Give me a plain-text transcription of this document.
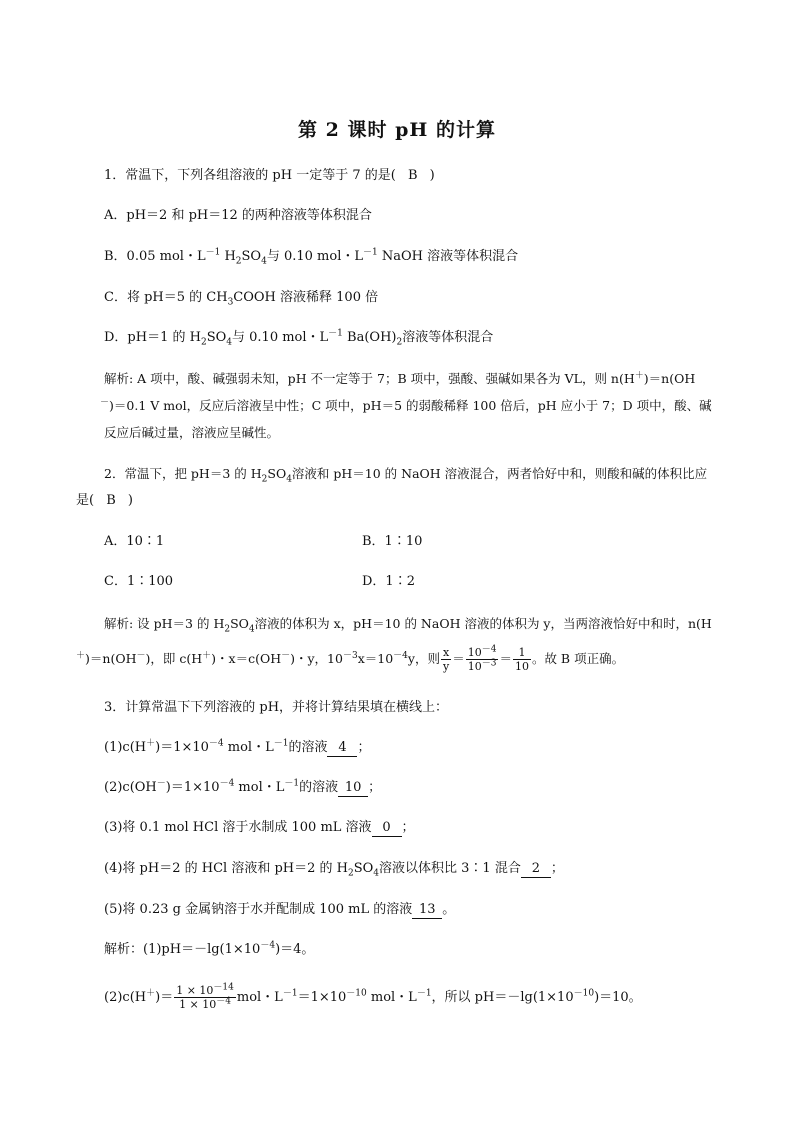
第 2 课时 pH 的计算
1．常温下，下列各组溶液的 pH 一定等于 7 的是( B )
A．pH＝2 和 pH＝12 的两种溶液等体积混合
B．0.05 mol・$L^{-1}$ $H_2SO_4$与 0.10 mol・$L^{-1}$ NaOH 溶液等体积混合
C．将 pH＝5 的 $CH_3COOH$ 溶液稀释 100 倍
D．pH＝1 的 $H_2SO_4$与 0.10 mol・$L^{-1}$ $Ba(OH)_2$溶液等体积混合
解析: A 项中，酸、碱强弱未知，pH 不一定等于 7；B 项中，强酸、强碱如果各为 VL，则 n(H＋)＝n(OH
－)＝0.1 V mol，反应后溶液呈中性；C 项中，pH＝5 的弱酸稀释 100 倍后，pH 应小于 7；D 项中，酸、碱
反应后碱过量，溶液应呈碱性。
2．常温下，把 pH＝3 的 $H_2SO_4$溶液和 pH＝10 的 NaOH 溶液混合，两者恰好中和，则酸和碱的体积比应
是( B )
A．10∶1	B．1∶10
C．1∶100	D．1∶2
解析: 设 pH＝3 的 $H_2SO_4$溶液的体积为 x，pH＝10 的 NaOH 溶液的体积为 y，当两溶液恰好中和时，n(H
＋)＝n(OH－)，即 c(H＋)・x＝c(OH－)・y，$10^{-3}x=10^{-4}y$，则 $\frac{x}{y} = \frac{10^{-4}}{10^{-3}} = \frac{1}{10}$ 。故 B 项正确。
3．计算常温下下列溶液的 pH，并将计算结果填在横线上：
$(1)c(H^+)=1\times 10^{-4}$ mol・$L^{-1}$的溶液 4 ；
$(2)c(OH^-)=1\times 10^{-4}$ mol・$L^{-1}$的溶液 10 ；
(3)将 0.1 mol HCl 溶于水制成 100 mL 溶液 0 ；
(4)将 pH＝2 的 HCl 溶液和 pH＝2 的 $H_2SO_4$溶液以体积比 3∶1 混合 2 ；
(5)将 0.23 g 金属钠溶于水并配制成 100 mL 的溶液 13 。
解析：$(1)pH=-\lg(1\times 10^{-4})=4$。
$(2)c(H^+)= \frac{1 \times 10^{-14}}{1 \times 10^{-4}}$ mol・$L^{-1}=1\times 10^{-10}$ mol・$L^{-1}$，所以 $pH=-\lg(1\times 10^{-10})=10$。
